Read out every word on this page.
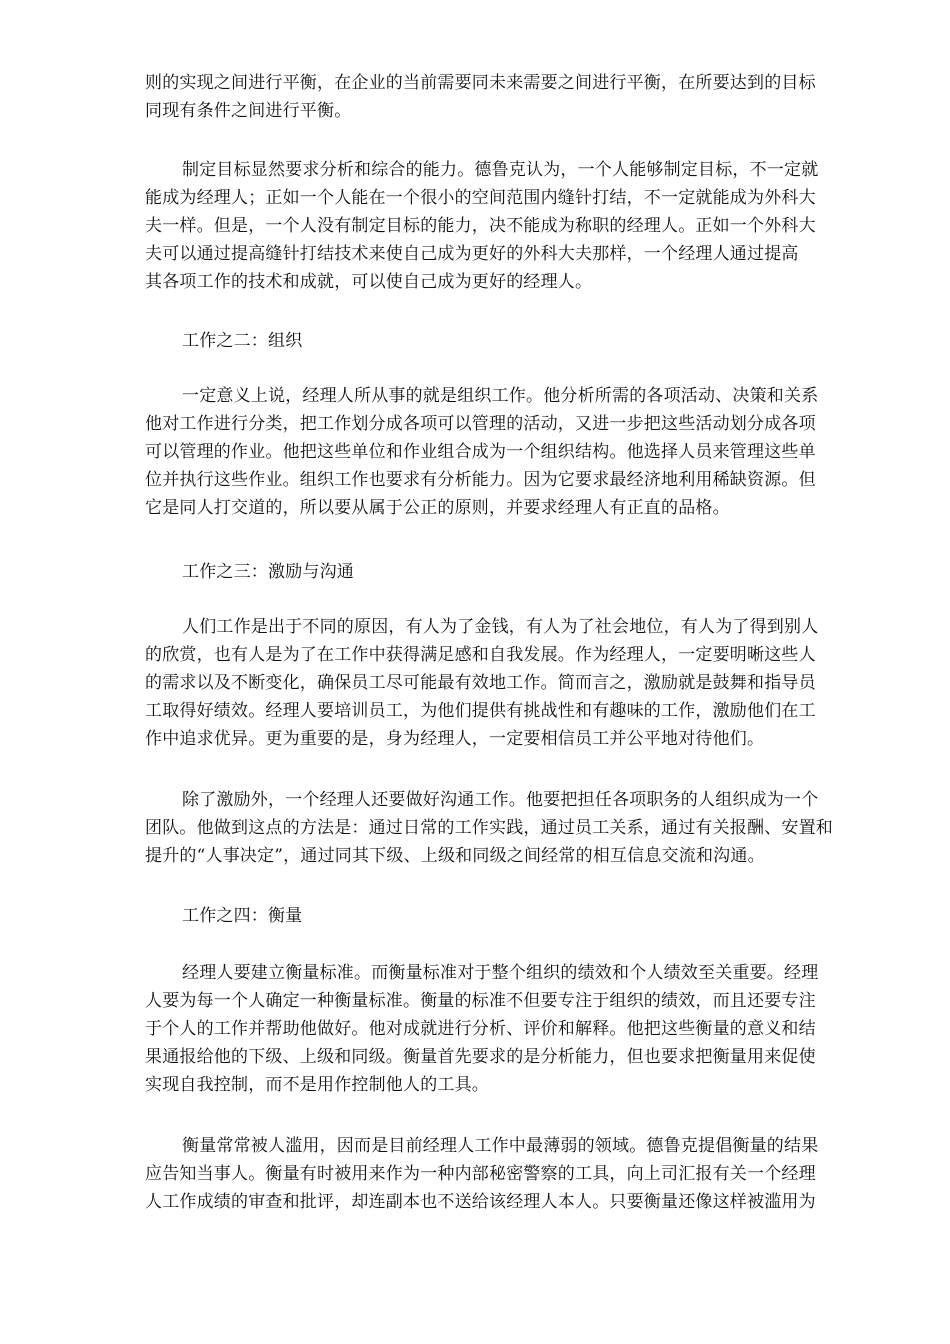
则的实现之间进行平衡，在企业的当前需要同未来需要之间进行平衡，在所要达到的目标
同现有条件之间进行平衡。
制定目标显然要求分析和综合的能力。德鲁克认为，一个人能够制定目标，不一定就
能成为经理人；正如一个人能在一个很小的空间范围内缝针打结，不一定就能成为外科大
夫一样。但是，一个人没有制定目标的能力，决不能成为称职的经理人。正如一个外科大
夫可以通过提高缝针打结技术来使自己成为更好的外科大夫那样，一个经理人通过提高
其各项工作的技术和成就，可以使自己成为更好的经理人。
工作之二：组织
一定意义上说，经理人所从事的就是组织工作。他分析所需的各项活动、决策和关系
他对工作进行分类，把工作划分成各项可以管理的活动，又进一步把这些活动划分成各项
可以管理的作业。他把这些单位和作业组合成为一个组织结构。他选择人员来管理这些单
位并执行这些作业。组织工作也要求有分析能力。因为它要求最经济地利用稀缺资源。但
它是同人打交道的，所以要从属于公正的原则，并要求经理人有正直的品格。
工作之三：激励与沟通
人们工作是出于不同的原因，有人为了金钱，有人为了社会地位，有人为了得到别人
的欣赏，也有人是为了在工作中获得满足感和自我发展。作为经理人，一定要明晰这些人
的需求以及不断变化，确保员工尽可能最有效地工作。简而言之，激励就是鼓舞和指导员
工取得好绩效。经理人要培训员工，为他们提供有挑战性和有趣味的工作，激励他们在工
作中追求优异。更为重要的是，身为经理人，一定要相信员工并公平地对待他们。
除了激励外，一个经理人还要做好沟通工作。他要把担任各项职务的人组织成为一个
团队。他做到这点的方法是：通过日常的工作实践，通过员工关系，通过有关报酬、安置和
提升的“人事决定”，通过同其下级、上级和同级之间经常的相互信息交流和沟通。
工作之四：衡量
经理人要建立衡量标准。而衡量标准对于整个组织的绩效和个人绩效至关重要。经理
人要为每一个人确定一种衡量标准。衡量的标准不但要专注于组织的绩效，而且还要专注
于个人的工作并帮助他做好。他对成就进行分析、评价和解释。他把这些衡量的意义和结
果通报给他的下级、上级和同级。衡量首先要求的是分析能力，但也要求把衡量用来促使
实现自我控制，而不是用作控制他人的工具。
衡量常常被人滥用，因而是目前经理人工作中最薄弱的领域。德鲁克提倡衡量的结果
应告知当事人。衡量有时被用来作为一种内部秘密警察的工具，向上司汇报有关一个经理
人工作成绩的审查和批评，却连副本也不送给该经理人本人。只要衡量还像这样被滥用为
